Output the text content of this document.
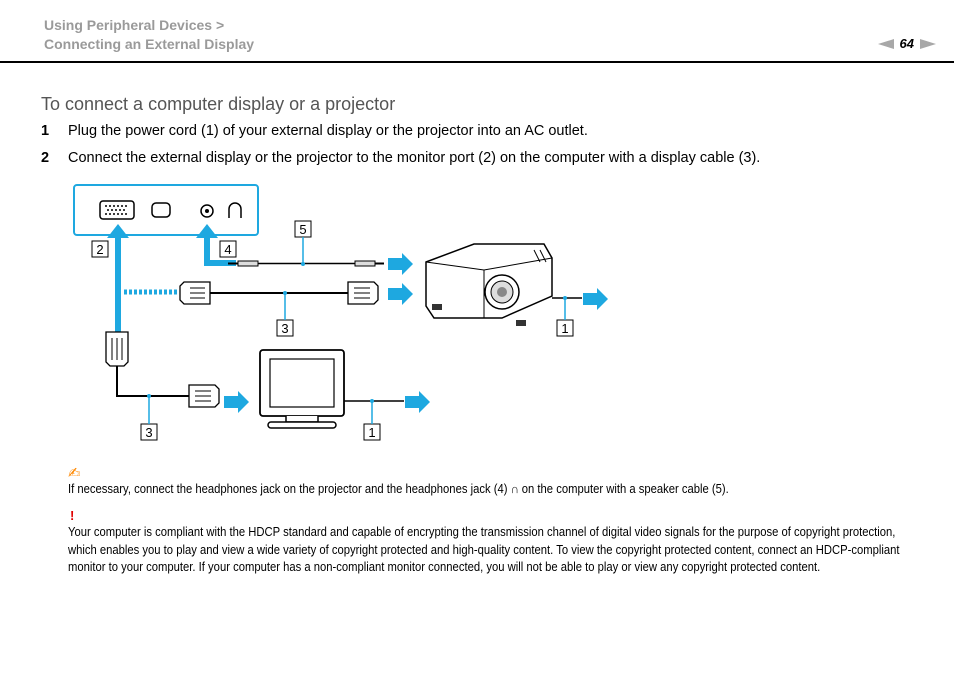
Using Peripheral Devices >
Connecting an External Display	64
To connect a computer display or a projector
1	Plug the power cord (1) of your external display or the projector into an AC outlet.
2	Connect the external display or the projector to the monitor port (2) on the computer with a display cable (3).
2	4
5
3
3
1
1
✍
If necessary, connect the headphones jack on the projector and the headphones jack (4) ∩ on the computer with a speaker cable (5).
!
Your computer is compliant with the HDCP standard and capable of encrypting the transmission channel of digital video signals for the purpose of copyright protection, which enables you to play and view a wide variety of copyright protected and high-quality content. To view the copyright protected content, connect an HDCP-compliant monitor to your computer. If your computer has a non-compliant monitor connected, you will not be able to play or view any copyright protected content.
